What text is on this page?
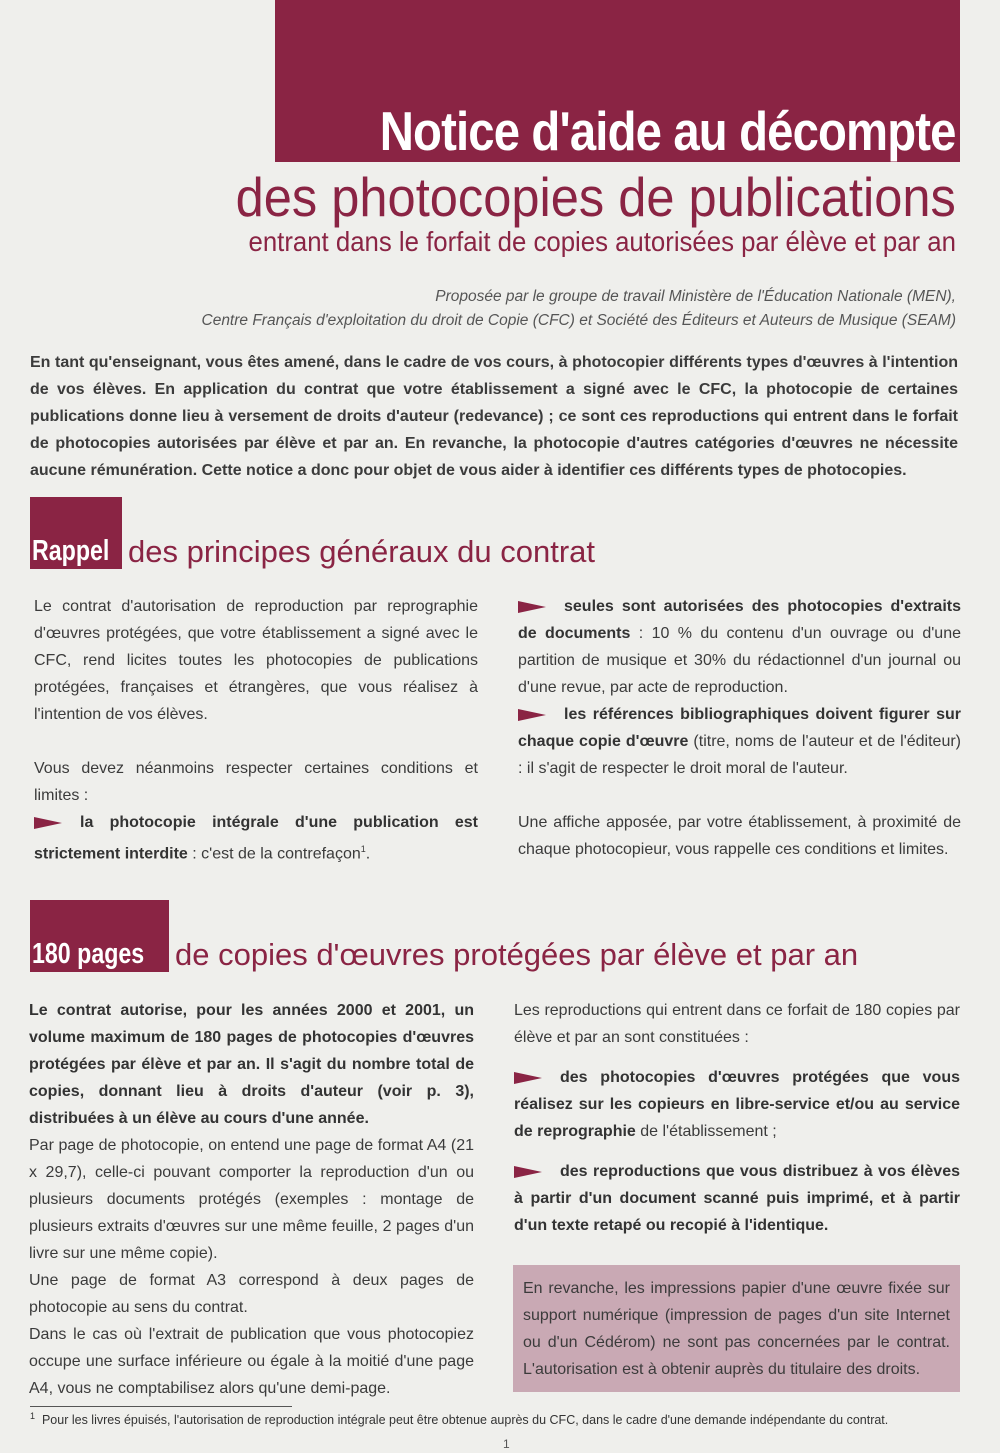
Notice d'aide au décompte
des photocopies de publications
entrant dans le forfait de copies autorisées par élève et par an
Proposée par le groupe de travail Ministère de l'Éducation Nationale (MEN),
Centre Français d'exploitation du droit de Copie (CFC) et Société des Éditeurs et Auteurs de Musique (SEAM)
En tant qu'enseignant, vous êtes amené, dans le cadre de vos cours, à photocopier différents types d'œuvres à l'intention de vos élèves. En application du contrat que votre établissement a signé avec le CFC, la photocopie de certaines publications donne lieu à versement de droits d'auteur (redevance) ; ce sont ces reproductions qui entrent dans le forfait de photocopies autorisées par élève et par an. En revanche, la photocopie d'autres catégories d'œuvres ne nécessite aucune rémunération. Cette notice a donc pour objet de vous aider à identifier ces différents types de photocopies.
Rappel des principes généraux du contrat

Le contrat d'autorisation de reproduction par reprographie d'œuvres protégées, que votre établissement a signé avec le CFC, rend licites toutes les photocopies de publications protégées, françaises et étrangères, que vous réalisez à l'intention de vos élèves.

Vous devez néanmoins respecter certaines conditions et limites :

la photocopie intégrale d'une publication est strictement interdite : c'est de la contrefaçon$^1$.

seules sont autorisées des photocopies d'extraits de documents : 10 % du contenu d'un ouvrage ou d'une partition de musique et 30% du rédactionnel d'un journal ou d'une revue, par acte de reproduction.

les références bibliographiques doivent figurer sur chaque copie d'œuvre (titre, noms de l'auteur et de l'éditeur) : il s'agit de respecter le droit moral de l'auteur.

Une affiche apposée, par votre établissement, à proximité de chaque photocopieur, vous rappelle ces conditions et limites.

180 pages de copies d'œuvres protégées par élève et par an

Le contrat autorise, pour les années 2000 et 2001, un volume maximum de 180 pages de photocopies d'œuvres protégées par élève et par an. Il s'agit du nombre total de copies, donnant lieu à droits d'auteur (voir p. 3), distribuées à un élève au cours d'une année.

Par page de photocopie, on entend une page de format A4 (21 x 29,7), celle-ci pouvant comporter la reproduction d'un ou plusieurs documents protégés (exemples : montage de plusieurs extraits d'œuvres sur une même feuille, 2 pages d'un livre sur une même copie).

Une page de format A3 correspond à deux pages de photocopie au sens du contrat.

Dans le cas où l'extrait de publication que vous photocopiez occupe une surface inférieure ou égale à la moitié d'une page A4, vous ne comptabilisez alors qu'une demi-page.

Les reproductions qui entrent dans ce forfait de 180 copies par élève et par an sont constituées :

des photocopies d'œuvres protégées que vous réalisez sur les copieurs en libre-service et/ou au service de reprographie de l'établissement ;

des reproductions que vous distribuez à vos élèves à partir d'un document scanné puis imprimé, et à partir d'un texte retapé ou recopié à l'identique.

En revanche, les impressions papier d'une œuvre fixée sur support numérique (impression de pages d'un site Internet ou d'un Cédérom) ne sont pas concernées par le contrat. L'autorisation est à obtenir auprès du titulaire des droits.
$^1$ Pour les livres épuisés, l'autorisation de reproduction intégrale peut être obtenue auprès du CFC, dans le cadre d'une demande indépendante du contrat.
1
